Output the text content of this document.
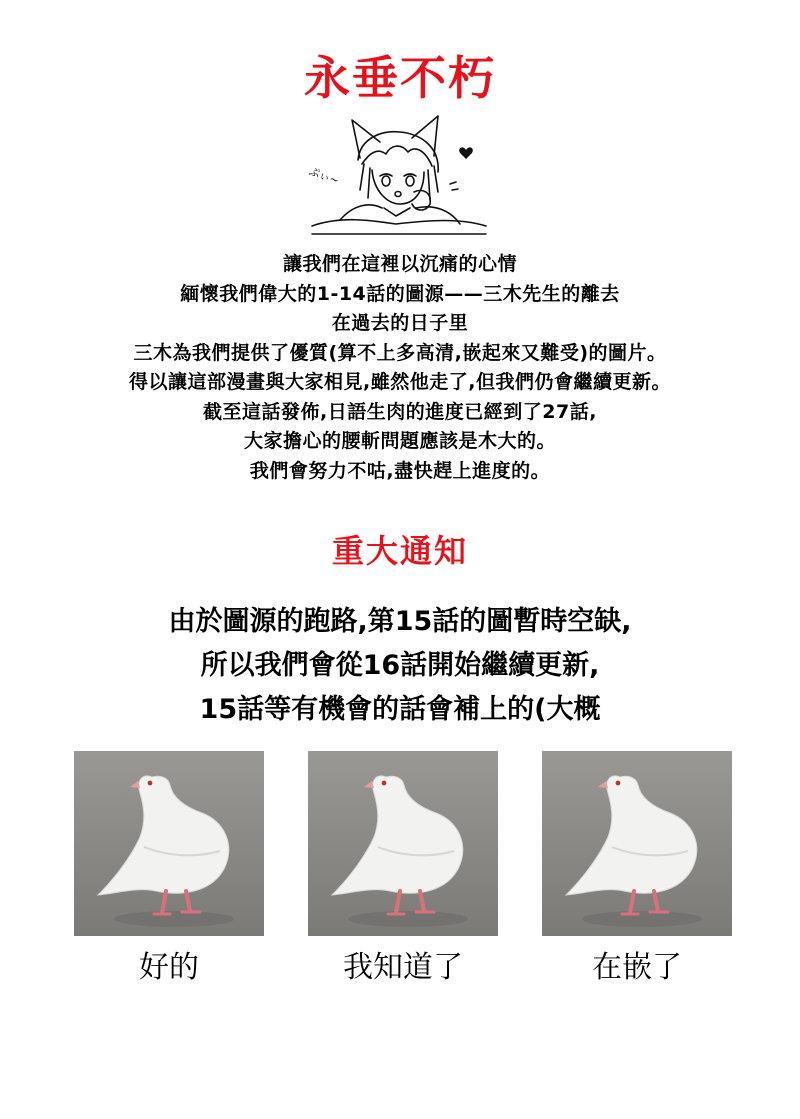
永垂不朽
ぷぃ~
讓我們在這裡以沉痛的心情
緬懷我們偉大的1-14話的圖源——三木先生的離去
在過去的日子里
三木為我們提供了優質(算不上多高清,嵌起來又難受)的圖片。
得以讓這部漫畫與大家相見,雖然他走了,但我們仍會繼續更新。
截至這話發佈,日語生肉的進度已經到了27話,
大家擔心的腰斬問題應該是木大的。
我們會努力不咕,盡快趕上進度的。
重大通知
由於圖源的跑路,第15話的圖暫時空缺,
所以我們會從16話開始繼續更新,
15話等有機會的話會補上的(大概
好的	我知道了	在嵌了
